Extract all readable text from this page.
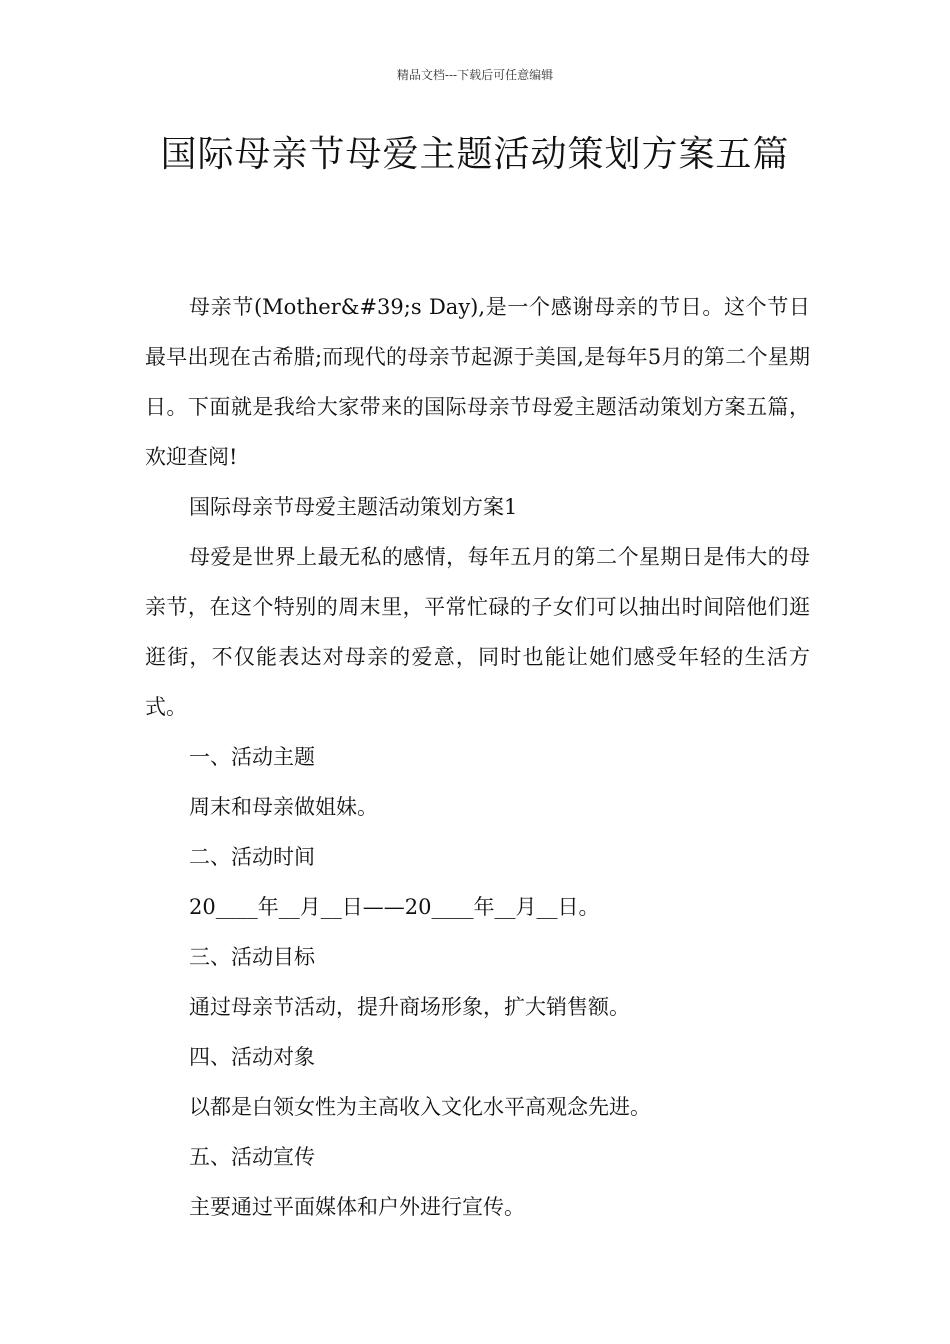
精品文档---下载后可任意编辑
国际母亲节母爱主题活动策划方案五篇

母亲节(Mother&#39;s Day),是一个感谢母亲的节日。这个节日最早出现在古希腊;而现代的母亲节起源于美国,是每年5月的第二个星期日。下面就是我给大家带来的国际母亲节母爱主题活动策划方案五篇，欢迎查阅!

国际母亲节母爱主题活动策划方案1

母爱是世界上最无私的感情，每年五月的第二个星期日是伟大的母亲节，在这个特别的周末里，平常忙碌的子女们可以抽出时间陪他们逛逛街，不仅能表达对母亲的爱意，同时也能让她们感受年轻的生活方式。

一、活动主题

周末和母亲做姐妹。

二、活动时间

20____年__月__日——20____年__月__日。

三、活动目标

通过母亲节活动，提升商场形象，扩大销售额。

四、活动对象

以都是白领女性为主高收入文化水平高观念先进。

五、活动宣传

主要通过平面媒体和户外进行宣传。
